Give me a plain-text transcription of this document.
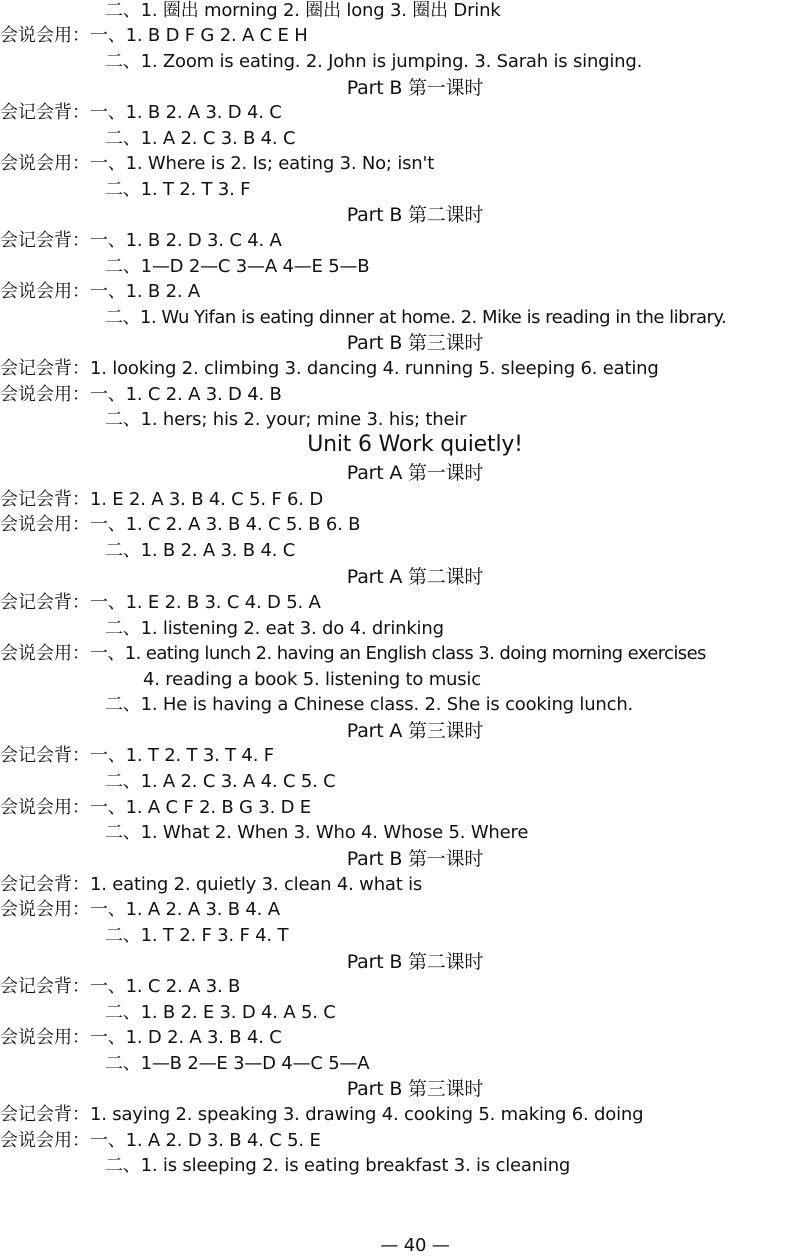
二、1. 圈出 morning 2. 圈出 long 3. 圈出 Drink
会说会用：一、1. B D F G 2. A C E H
二、1. Zoom is eating. 2. John is jumping. 3. Sarah is singing.
Part B 第一课时
会记会背：一、1. B 2. A 3. D 4. C
二、1. A 2. C 3. B 4. C
会说会用：一、1. Where is 2. Is; eating 3. No; isn't
二、1. T 2. T 3. F
Part B 第二课时
会记会背：一、1. B 2. D 3. C 4. A
二、1—D 2—C 3—A 4—E 5—B
会说会用：一、1. B 2. A
二、1. Wu Yifan is eating dinner at home. 2. Mike is reading in the library.
Part B 第三课时
会记会背：1. looking 2. climbing 3. dancing 4. running 5. sleeping 6. eating
会说会用：一、1. C 2. A 3. D 4. B
二、1. hers; his 2. your; mine 3. his; their
Unit 6 Work quietly!
Part A 第一课时
会记会背：1. E 2. A 3. B 4. C 5. F 6. D
会说会用：一、1. C 2. A 3. B 4. C 5. B 6. B
二、1. B 2. A 3. B 4. C
Part A 第二课时
会记会背：一、1. E 2. B 3. C 4. D 5. A
二、1. listening 2. eat 3. do 4. drinking
会说会用：一、1. eating lunch 2. having an English class 3. doing morning exercises
4. reading a book 5. listening to music
二、1. He is having a Chinese class. 2. She is cooking lunch.
Part A 第三课时
会记会背：一、1. T 2. T 3. T 4. F
二、1. A 2. C 3. A 4. C 5. C
会说会用：一、1. A C F 2. B G 3. D E
二、1. What 2. When 3. Who 4. Whose 5. Where
Part B 第一课时
会记会背：1. eating 2. quietly 3. clean 4. what is
会说会用：一、1. A 2. A 3. B 4. A
二、1. T 2. F 3. F 4. T
Part B 第二课时
会记会背：一、1. C 2. A 3. B
二、1. B 2. E 3. D 4. A 5. C
会说会用：一、1. D 2. A 3. B 4. C
二、1—B 2—E 3—D 4—C 5—A
Part B 第三课时
会记会背：1. saying 2. speaking 3. drawing 4. cooking 5. making 6. doing
会说会用：一、1. A 2. D 3. B 4. C 5. E
二、1. is sleeping 2. is eating breakfast 3. is cleaning
— 40 —
